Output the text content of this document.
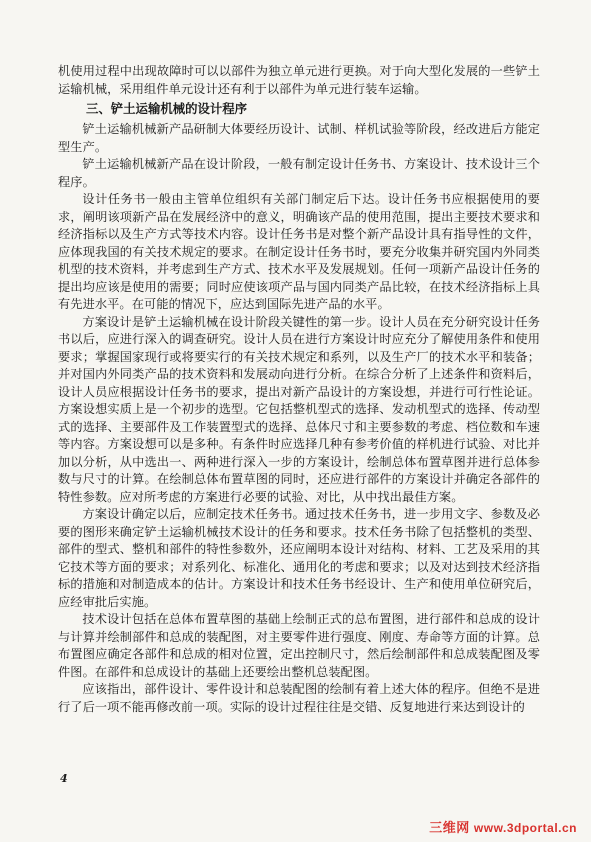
机使用过程中出现故障时可以以部件为独立单元进行更换。对于向大型化发展的一些铲土运输机械，采用组件单元设计还有利于以部件为单元进行装车运输。

三、铲土运输机械的设计程序

铲土运输机械新产品研制大体要经历设计、试制、样机试验等阶段，经改进后方能定型生产。

铲土运输机械新产品在设计阶段，一般有制定设计任务书、方案设计、技术设计三个程序。

设计任务书一般由主管单位组织有关部门制定后下达。设计任务书应根据使用的要求，阐明该项新产品在发展经济中的意义，明确该产品的使用范围，提出主要技术要求和经济指标以及生产方式等技术内容。设计任务书是对整个新产品设计具有指导性的文件，应体现我国的有关技术规定的要求。在制定设计任务书时，要充分收集并研究国内外同类机型的技术资料，并考虑到生产方式、技术水平及发展规划。任何一项新产品设计任务的提出均应该是使用的需要；同时应使该项产品与国内同类产品比较，在技术经济指标上具有先进水平。在可能的情况下，应达到国际先进产品的水平。

方案设计是铲土运输机械在设计阶段关键性的第一步。设计人员在充分研究设计任务书以后，应进行深入的调查研究。设计人员在进行方案设计时应充分了解使用条件和使用要求；掌握国家现行或将要实行的有关技术规定和系列，以及生产厂的技术水平和装备；并对国内外同类产品的技术资料和发展动向进行分析。在综合分析了上述条件和资料后，设计人员应根据设计任务书的要求，提出对新产品设计的方案设想，并进行可行性论证。方案设想实质上是一个初步的选型。它包括整机型式的选择、发动机型式的选择、传动型式的选择、主要部件及工作装置型式的选择、总体尺寸和主要参数的考虑、档位数和车速等内容。方案设想可以是多种。有条件时应选择几种有参考价值的样机进行试验、对比并加以分析，从中选出一、两种进行深入一步的方案设计，绘制总体布置草图并进行总体参数与尺寸的计算。在绘制总体布置草图的同时，还应进行部件的方案设计并确定各部件的特性参数。应对所考虑的方案进行必要的试验、对比，从中找出最佳方案。

方案设计确定以后，应制定技术任务书。通过技术任务书，进一步用文字、参数及必要的图形来确定铲土运输机械技术设计的任务和要求。技术任务书除了包括整机的类型、部件的型式、整机和部件的特性参数外，还应阐明本设计对结构、材料、工艺及采用的其它技术等方面的要求；对系列化、标准化、通用化的考虑和要求；以及对达到技术经济指标的措施和对制造成本的估计。方案设计和技术任务书经设计、生产和使用单位研究后，应经审批后实施。

技术设计包括在总体布置草图的基础上绘制正式的总布置图，进行部件和总成的设计与计算并绘制部件和总成的装配图，对主要零件进行强度、刚度、寿命等方面的计算。总布置图应确定各部件和总成的相对位置，定出控制尺寸，然后绘制部件和总成装配图及零件图。在部件和总成设计的基础上还要绘出整机总装配图。

应该指出，部件设计、零件设计和总装配图的绘制有着上述大体的程序。但绝不是进行了后一项不能再修改前一项。实际的设计过程往往是交错、反复地进行来达到设计的

4
三维网 www.3dportal.cn
